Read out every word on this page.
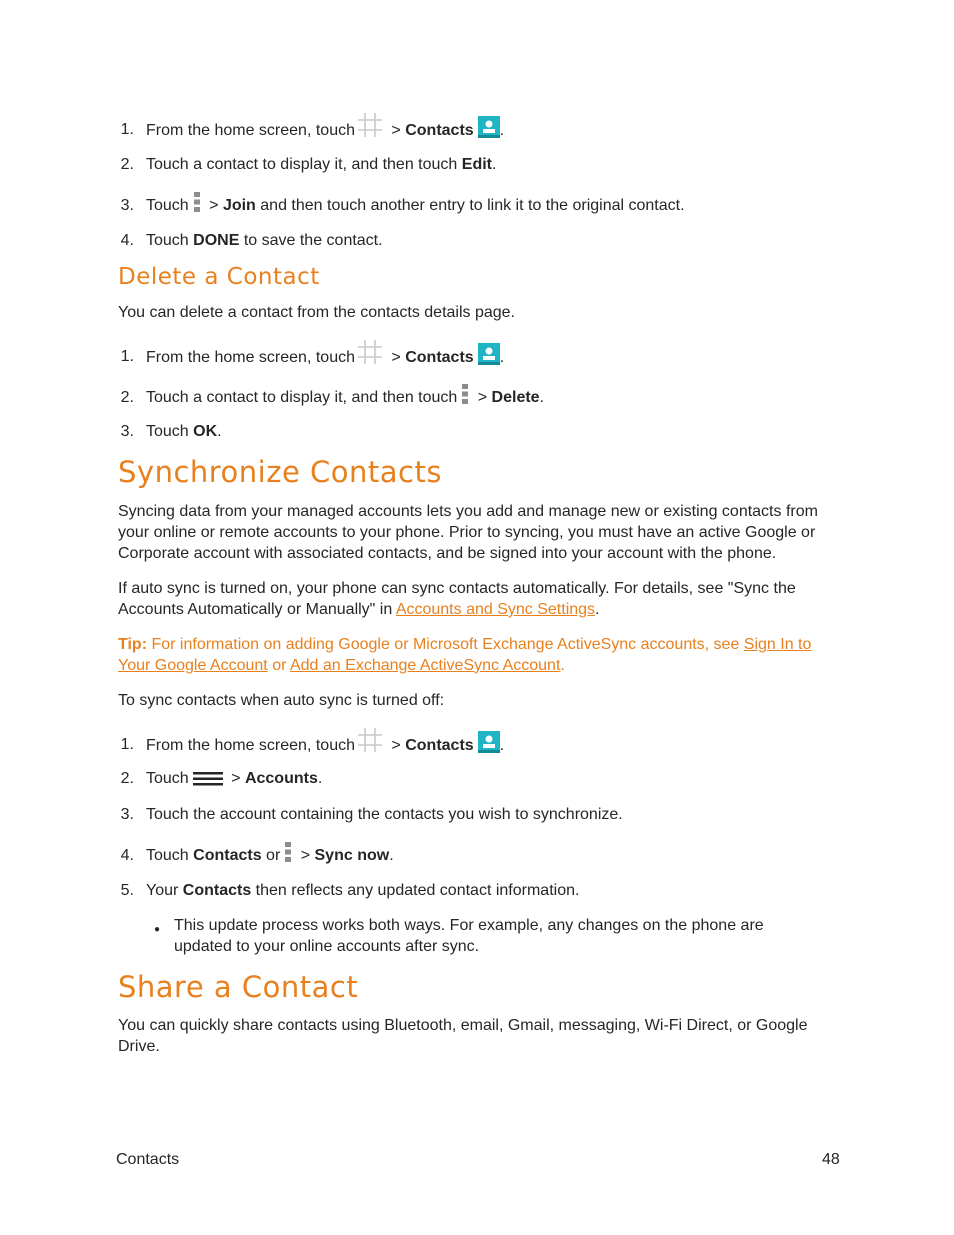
1. From the home screen, touch > Contacts .
2. Touch a contact to display it, and then touch Edit.
3. Touch > Join and then touch another entry to link it to the original contact.
4. Touch DONE to save the contact.
Delete a Contact
You can delete a contact from the contacts details page.
1. From the home screen, touch > Contacts .
2. Touch a contact to display it, and then touch > Delete.
3. Touch OK.
Synchronize Contacts
Syncing data from your managed accounts lets you add and manage new or existing contacts from your online or remote accounts to your phone. Prior to syncing, you must have an active Google or Corporate account with associated contacts, and be signed into your account with the phone.
If auto sync is turned on, your phone can sync contacts automatically. For details, see "Sync the Accounts Automatically or Manually" in Accounts and Sync Settings.
Tip: For information on adding Google or Microsoft Exchange ActiveSync accounts, see Sign In to Your Google Account or Add an Exchange ActiveSync Account.
To sync contacts when auto sync is turned off:
1. From the home screen, touch > Contacts .
2. Touch > Accounts.
3. Touch the account containing the contacts you wish to synchronize.
4. Touch Contacts or > Sync now.
5. Your Contacts then reflects any updated contact information.
● This update process works both ways. For example, any changes on the phone are updated to your online accounts after sync.
Share a Contact
You can quickly share contacts using Bluetooth, email, Gmail, messaging, Wi-Fi Direct, or Google Drive.
Contacts	48
